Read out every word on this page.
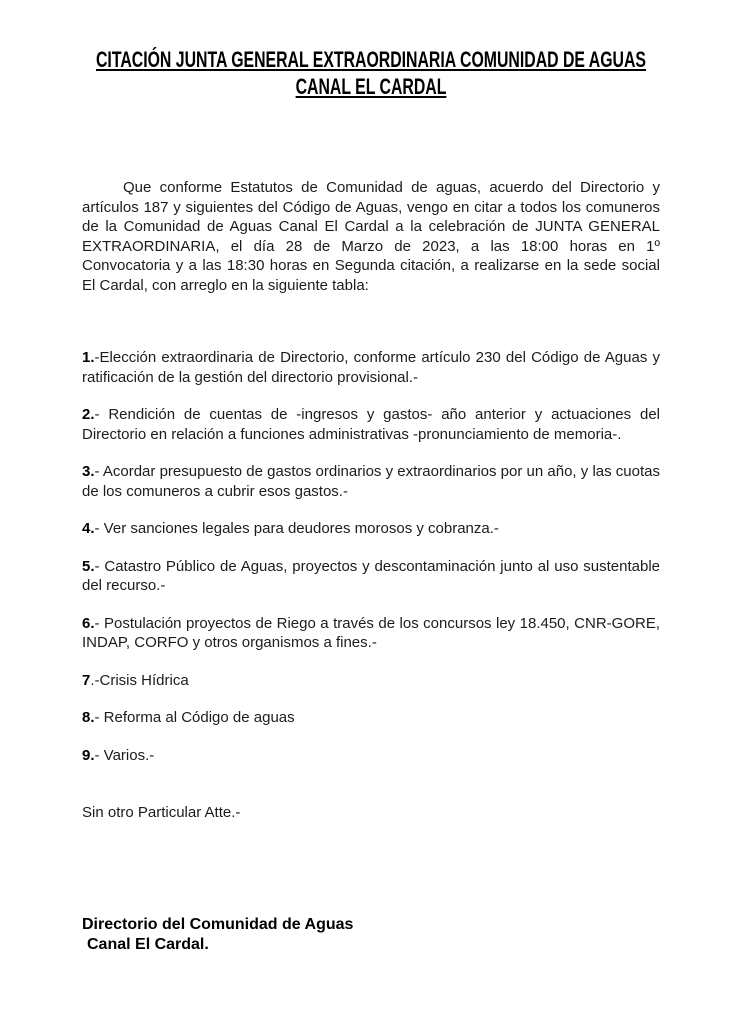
CITACIÓN JUNTA GENERAL EXTRAORDINARIA COMUNIDAD DE AGUAS
CANAL EL CARDAL

Que conforme Estatutos de Comunidad de aguas, acuerdo del Directorio y artículos 187 y siguientes del Código de Aguas, vengo en citar a todos los comuneros de la Comunidad de Aguas Canal El Cardal a la celebración de JUNTA GENERAL EXTRAORDINARIA, el día 28 de Marzo de 2023, a las 18:00 horas en 1º Convocatoria y a las 18:30 horas en Segunda citación, a realizarse en la sede social El Cardal, con arreglo en la siguiente tabla:

1.-Elección extraordinaria de Directorio, conforme artículo 230 del Código de Aguas y ratificación de la gestión del directorio provisional.-

2.- Rendición de cuentas de -ingresos y gastos- año anterior y actuaciones del Directorio en relación a funciones administrativas -pronunciamiento de memoria-.

3.- Acordar presupuesto de gastos ordinarios y extraordinarios por un año, y las cuotas de los comuneros a cubrir esos gastos.-

4.- Ver sanciones legales para deudores morosos y cobranza.-

5.- Catastro Público de Aguas, proyectos y descontaminación junto al uso sustentable del recurso.-

6.- Postulación proyectos de Riego a través de los concursos ley 18.450, CNR-GORE, INDAP, CORFO y otros organismos a fines.-

7.-Crisis Hídrica

8.- Reforma al Código de aguas

9.- Varios.-

Sin otro Particular Atte.-

Directorio del Comunidad de Aguas
Canal El Cardal.
